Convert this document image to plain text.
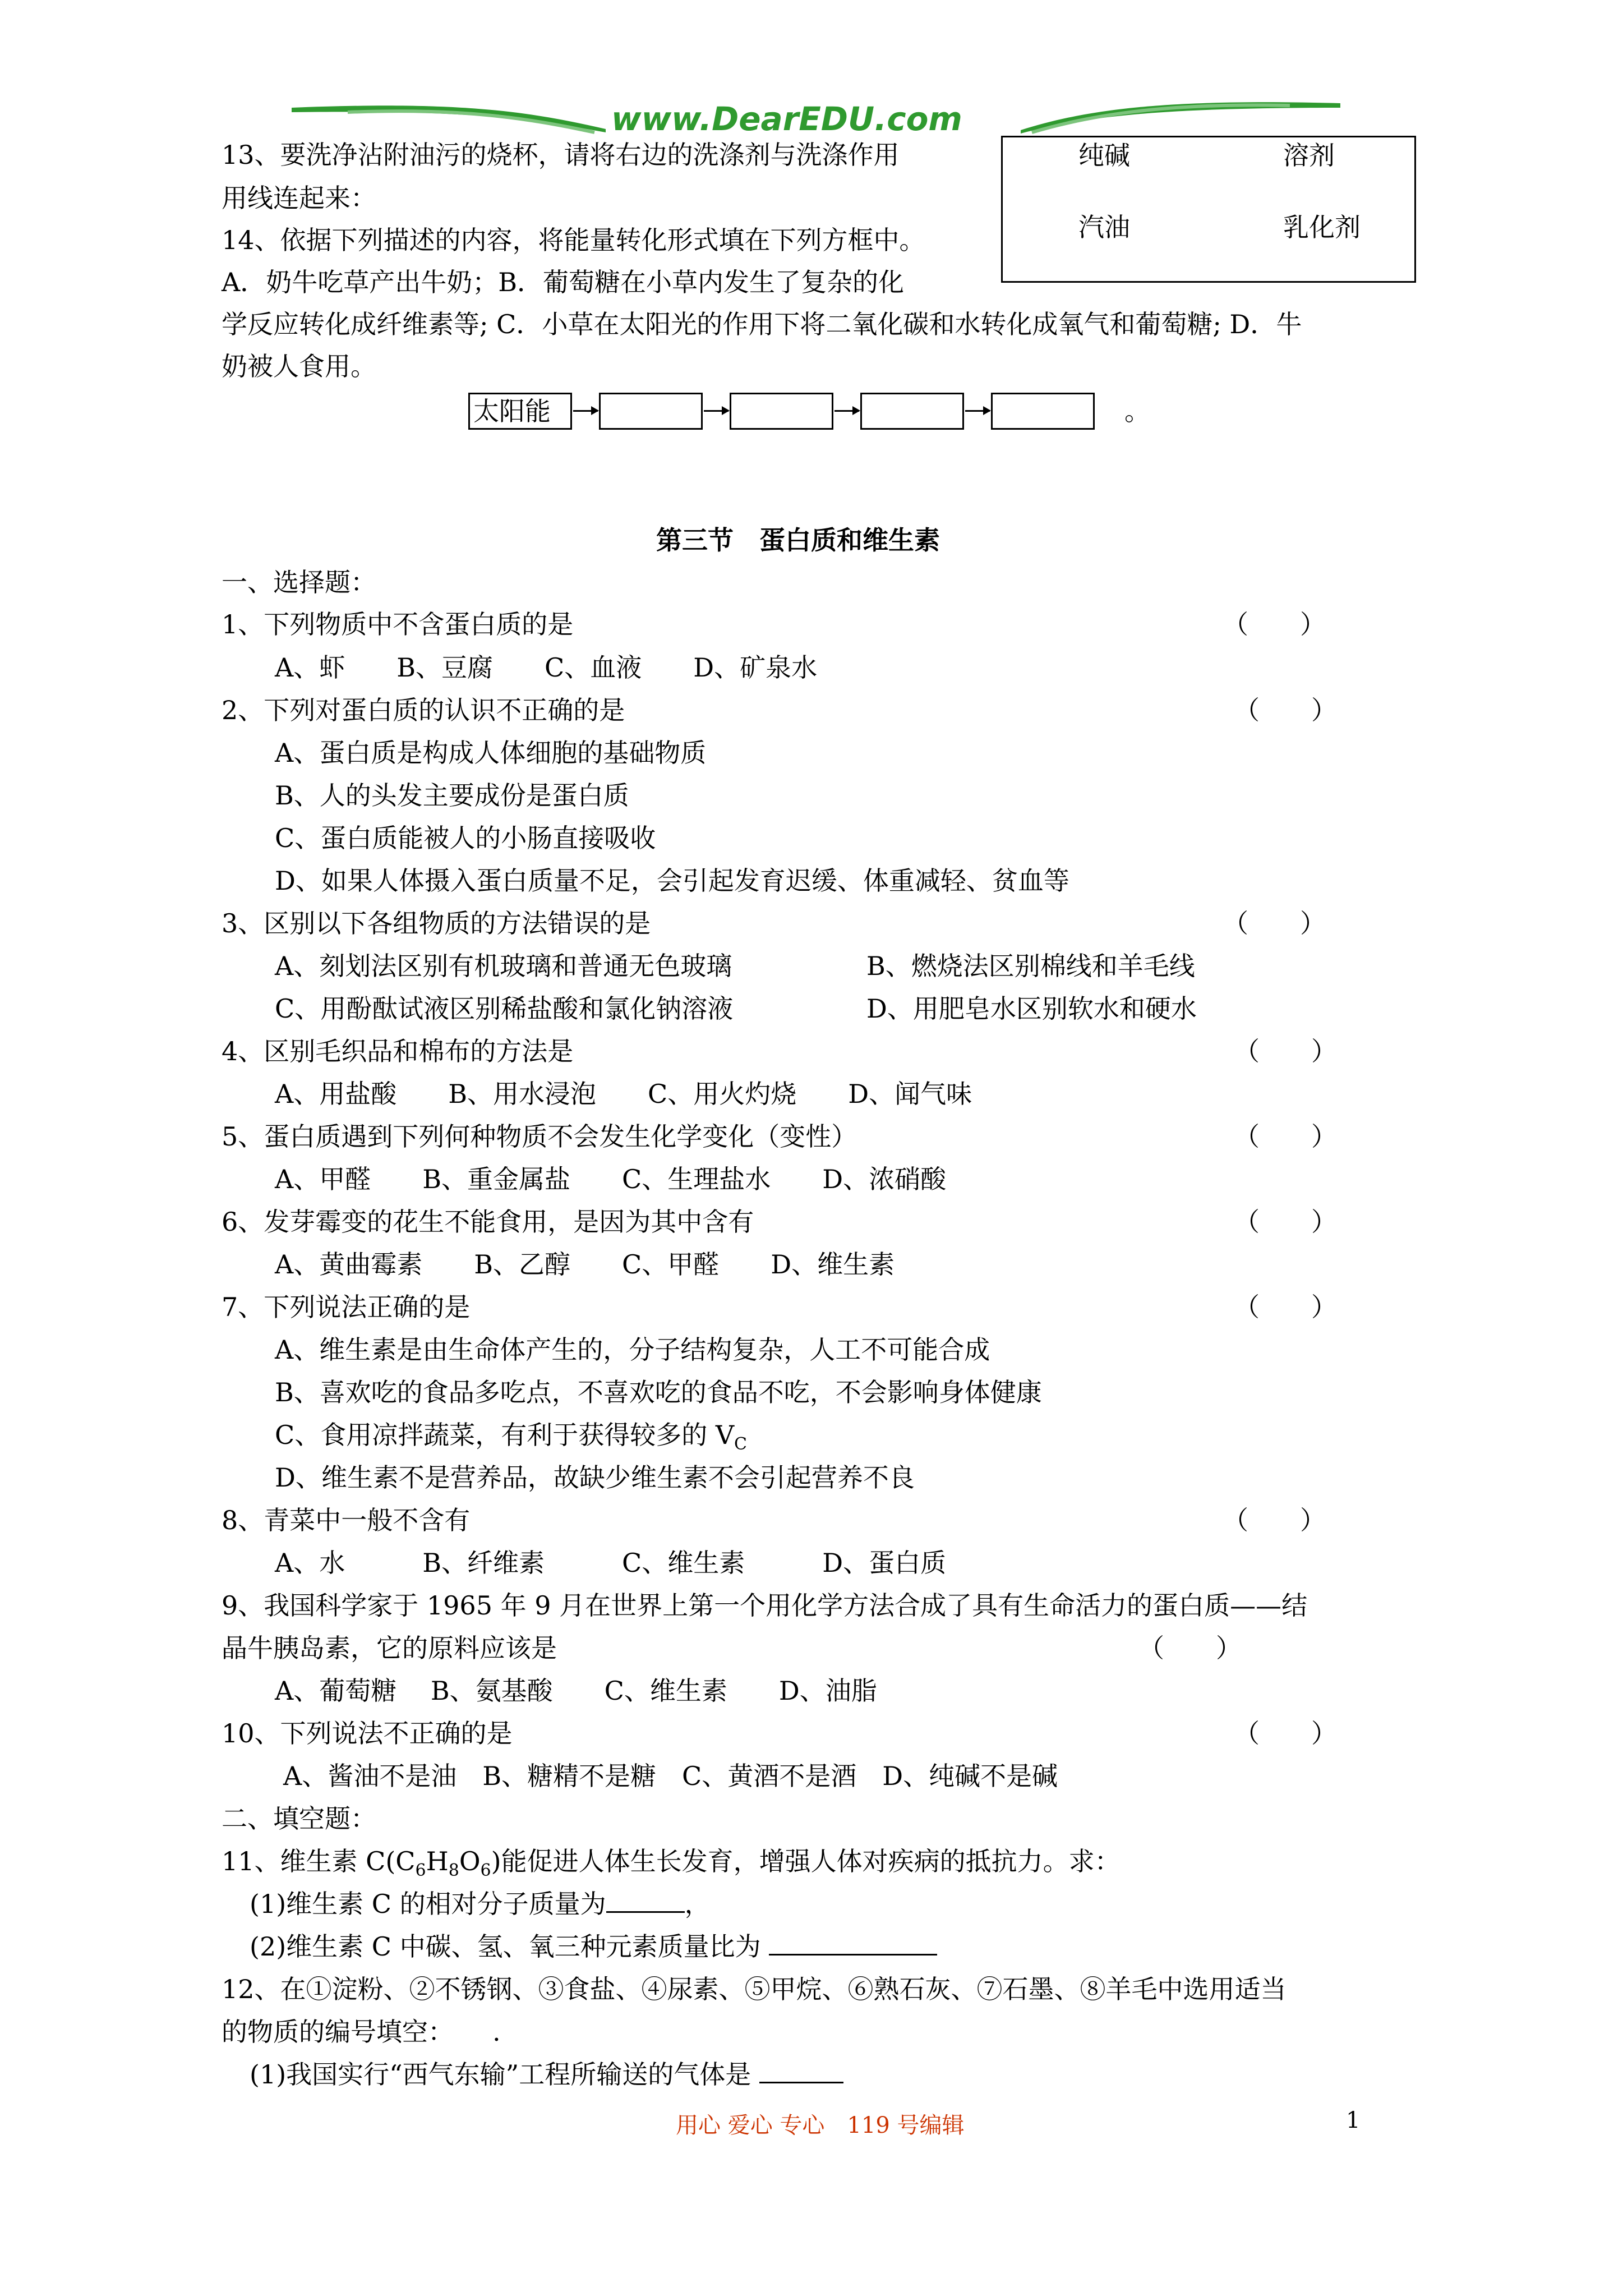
www.DearEDU.com
13、要洗净沾附油污的烧杯，请将右边的洗涤剂与洗涤作用
用线连起来：
纯碱	溶剂
汽油	乳化剂
14、依据下列描述的内容，将能量转化形式填在下列方框中。
A．奶牛吃草产出牛奶；B．葡萄糖在小草内发生了复杂的化
学反应转化成纤维素等; C．小草在太阳光的作用下将二氧化碳和水转化成氧气和葡萄糖; D．牛
奶被人食用。
太阳能	。
第三节　蛋白质和维生素
一、选择题：
1、下列物质中不含蛋白质的是	（　　）
A、虾　　B、豆腐　　C、血液　　D、矿泉水
2、下列对蛋白质的认识不正确的是	（　　）
A、蛋白质是构成人体细胞的基础物质
B、人的头发主要成份是蛋白质
C、蛋白质能被人的小肠直接吸收
D、如果人体摄入蛋白质量不足，会引起发育迟缓、体重减轻、贫血等
3、区别以下各组物质的方法错误的是	（　　）
A、刻划法区别有机玻璃和普通无色玻璃	B、燃烧法区别棉线和羊毛线
C、用酚酞试液区别稀盐酸和氯化钠溶液	D、用肥皂水区别软水和硬水
4、区别毛织品和棉布的方法是	（　　）
A、用盐酸　　B、用水浸泡　　C、用火灼烧　　D、闻气味
5、蛋白质遇到下列何种物质不会发生化学变化（变性）	（　　）
A、甲醛　　B、重金属盐　　C、生理盐水　　D、浓硝酸
6、发芽霉变的花生不能食用，是因为其中含有	（　　）
A、黄曲霉素　　B、乙醇　　C、甲醛　　D、维生素
7、下列说法正确的是	（　　）
A、维生素是由生命体产生的，分子结构复杂，人工不可能合成
B、喜欢吃的食品多吃点，不喜欢吃的食品不吃，不会影响身体健康
C、食用凉拌蔬菜，有利于获得较多的 $V_C$
D、维生素不是营养品，故缺少维生素不会引起营养不良
8、青菜中一般不含有	（　　）
A、水　　　B、纤维素　　　C、维生素　　　D、蛋白质
9、我国科学家于 1965 年 9 月在世界上第一个用化学方法合成了具有生命活力的蛋白质——结
晶牛胰岛素，它的原料应该是	（　　）
A、葡萄糖　 B、氨基酸　　C、维生素　　D、油脂
10、下列说法不正确的是	（　　）
A、酱油不是油　B、糖精不是糖　C、黄酒不是酒　D、纯碱不是碱
二、填空题：
11、维生素 $C(C_6H_8O_6)$能促进人体生长发育，增强人体对疾病的抵抗力。求：
(1)维生素 C 的相对分子质量为	，
(2)维生素 C 中碳、氢、氧三种元素质量比为
12、在①淀粉、②不锈钢、③食盐、④尿素、⑤甲烷、⑥熟石灰、⑦石墨、⑧羊毛中选用适当
的物质的编号填空：　　.
(1)我国实行“西气东输”工程所输送的气体是
用心 爱心 专心　119 号编辑	1
